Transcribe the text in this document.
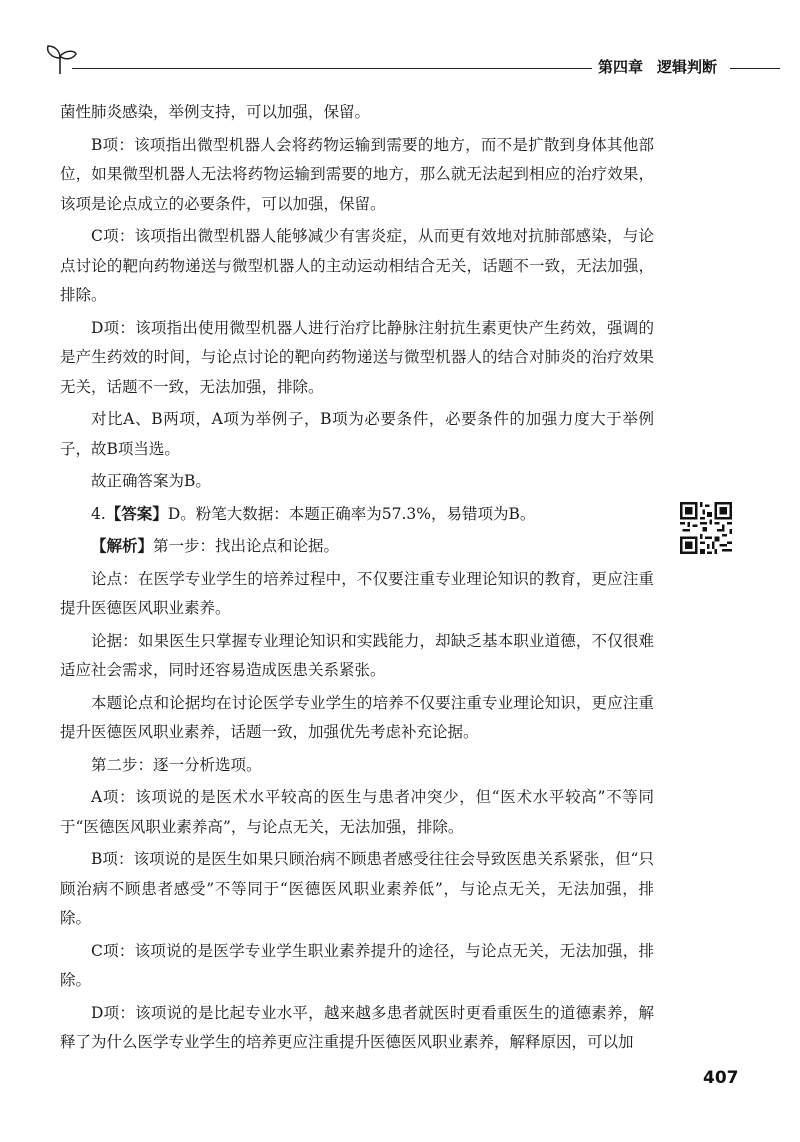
第四章 逻辑判断

菌性肺炎感染，举例支持，可以加强，保留。

B项：该项指出微型机器人会将药物运输到需要的地方，而不是扩散到身体其他部位，如果微型机器人无法将药物运输到需要的地方，那么就无法起到相应的治疗效果，该项是论点成立的必要条件，可以加强，保留。

C项：该项指出微型机器人能够减少有害炎症，从而更有效地对抗肺部感染，与论点讨论的靶向药物递送与微型机器人的主动运动相结合无关，话题不一致，无法加强，排除。

D项：该项指出使用微型机器人进行治疗比静脉注射抗生素更快产生药效，强调的是产生药效的时间，与论点讨论的靶向药物递送与微型机器人的结合对肺炎的治疗效果无关，话题不一致，无法加强，排除。

对比A、B两项，A项为举例子，B项为必要条件，必要条件的加强力度大于举例子，故B项当选。

故正确答案为B。

4.【答案】D。粉笔大数据：本题正确率为57.3%，易错项为B。

【解析】第一步：找出论点和论据。

论点：在医学专业学生的培养过程中，不仅要注重专业理论知识的教育，更应注重提升医德医风职业素养。

论据：如果医生只掌握专业理论知识和实践能力，却缺乏基本职业道德，不仅很难适应社会需求，同时还容易造成医患关系紧张。

本题论点和论据均在讨论医学专业学生的培养不仅要注重专业理论知识，更应注重提升医德医风职业素养，话题一致，加强优先考虑补充论据。

第二步：逐一分析选项。

A项：该项说的是医术水平较高的医生与患者冲突少，但“医术水平较高”不等同于“医德医风职业素养高”，与论点无关，无法加强，排除。

B项：该项说的是医生如果只顾治病不顾患者感受往往会导致医患关系紧张，但“只顾治病不顾患者感受”不等同于“医德医风职业素养低”，与论点无关，无法加强，排除。

C项：该项说的是医学专业学生职业素养提升的途径，与论点无关，无法加强，排除。

D项：该项说的是比起专业水平，越来越多患者就医时更看重医生的道德素养，解释了为什么医学专业学生的培养更应注重提升医德医风职业素养，解释原因，可以加

407
